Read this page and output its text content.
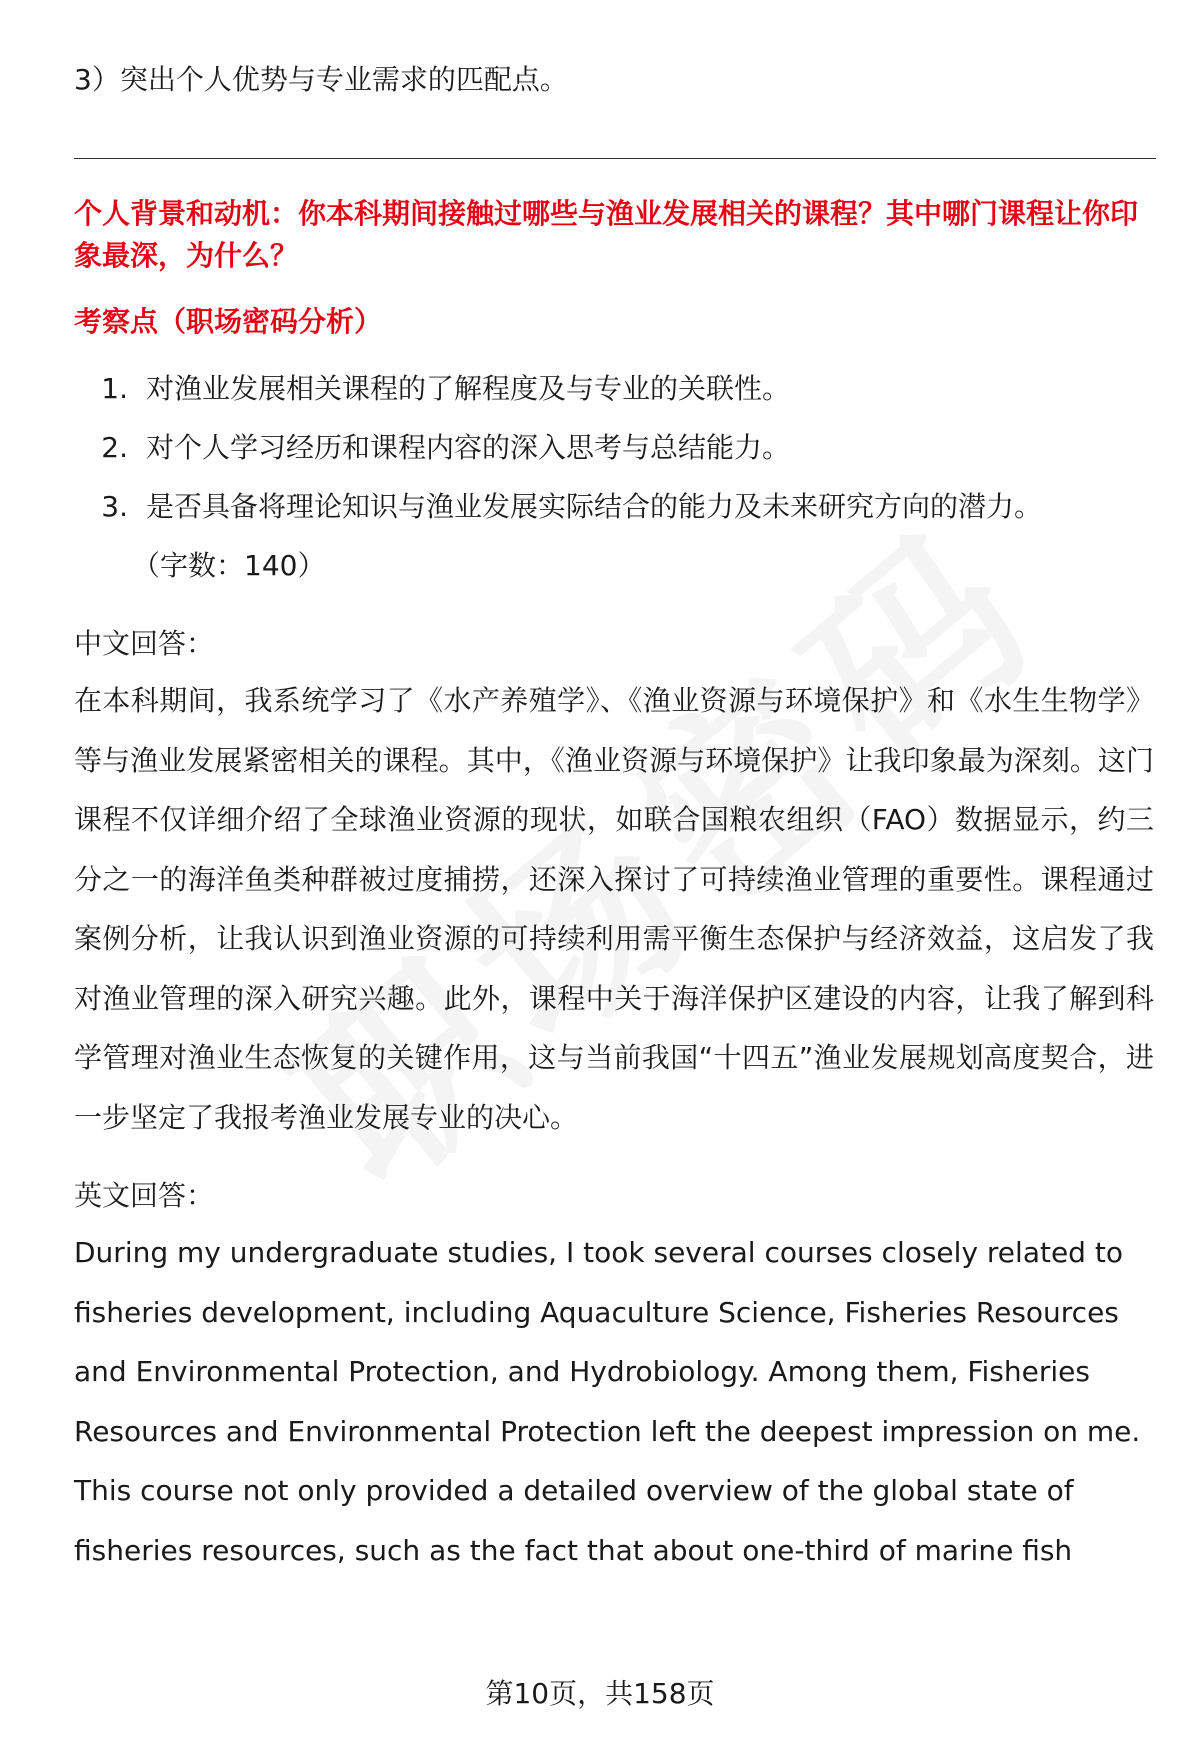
3）突出个人优势与专业需求的匹配点。

个人背景和动机：你本科期间接触过哪些与渔业发展相关的课程？其中哪门课程让你印象最深，为什么？

考察点（职场密码分析）

1. 对渔业发展相关课程的了解程度及与专业的关联性。
2. 对个人学习经历和课程内容的深入思考与总结能力。
3. 是否具备将理论知识与渔业发展实际结合的能力及未来研究方向的潜力。

（字数：140）

中文回答：

在本科期间，我系统学习了《水产养殖学》、《渔业资源与环境保护》和《水生生物学》等与渔业发展紧密相关的课程。其中，《渔业资源与环境保护》让我印象最为深刻。这门课程不仅详细介绍了全球渔业资源的现状，如联合国粮农组织（FAO）数据显示，约三分之一的海洋鱼类种群被过度捕捞，还深入探讨了可持续渔业管理的重要性。课程通过案例分析，让我认识到渔业资源的可持续利用需平衡生态保护与经济效益，这启发了我对渔业管理的深入研究兴趣。此外，课程中关于海洋保护区建设的内容，让我了解到科学管理对渔业生态恢复的关键作用，这与当前我国“十四五”渔业发展规划高度契合，进一步坚定了我报考渔业发展专业的决心。

英文回答：

During my undergraduate studies, I took several courses closely related to fisheries development, including Aquaculture Science, Fisheries Resources and Environmental Protection, and Hydrobiology. Among them, Fisheries Resources and Environmental Protection left the deepest impression on me. This course not only provided a detailed overview of the global state of fisheries resources, such as the fact that about one-third of marine fish

第10页，共158页
